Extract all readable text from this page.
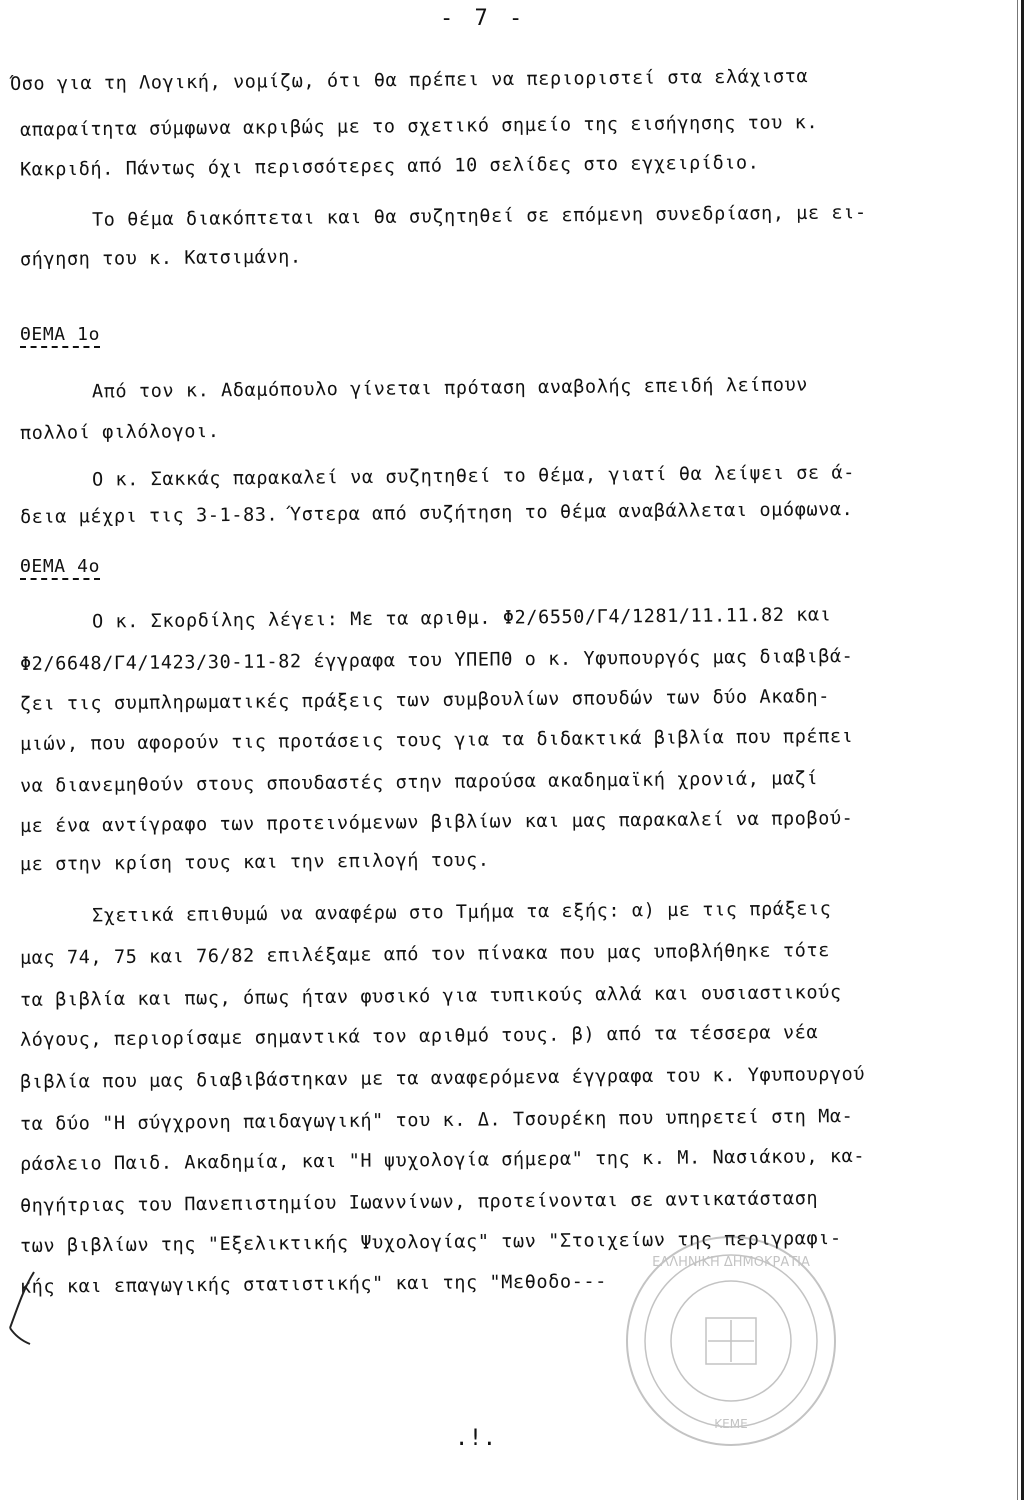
- 7 -
Όσο για τη Λογική, νομίζω, ότι θα πρέπει να περιοριστεί στα ελάχιστα
απαραίτητα σύμφωνα ακριβώς με το σχετικό σημείο της εισήγησης του κ.
Κακριδή. Πάντως όχι περισσότερες από 10 σελίδες στο εγχειρίδιο.
Το θέμα διακόπτεται και θα συζητηθεί σε επόμενη συνεδρίαση, με ει-
σήγηση του κ. Κατσιμάνη.
ΘΕΜΑ 1ο
Από τον κ. Αδαμόπουλο γίνεται πρόταση αναβολής επειδή λείπουν
πολλοί φιλόλογοι.
Ο κ. Σακκάς παρακαλεί να συζητηθεί το θέμα, γιατί θα λείψει σε ά-
δεια μέχρι τις 3-1-83. Ύστερα από συζήτηση το θέμα αναβάλλεται ομόφωνα.
ΘΕΜΑ 4ο
Ο κ. Σκορδίλης λέγει: Με τα αριθμ. Φ2/6550/Γ4/1281/11.11.82 και
Φ2/6648/Γ4/1423/30-11-82 έγγραφα του ΥΠΕΠΘ ο κ. Υφυπουργός μας διαβιβά-
ζει τις συμπληρωματικές πράξεις των συμβουλίων σπουδών των δύο Ακαδη-
μιών, που αφορούν τις προτάσεις τους για τα διδακτικά βιβλία που πρέπει
να διανεμηθούν στους σπουδαστές στην παρούσα ακαδημαϊκή χρονιά, μαζί
με ένα αντίγραφο των προτεινόμενων βιβλίων και μας παρακαλεί να προβού-
με στην κρίση τους και την επιλογή τους.
Σχετικά επιθυμώ να αναφέρω στο Τμήμα τα εξής: α) με τις πράξεις
μας 74, 75 και 76/82 επιλέξαμε από τον πίνακα που μας υποβλήθηκε τότε
τα βιβλία και πως, όπως ήταν φυσικό για τυπικούς αλλά και ουσιαστικούς
λόγους, περιορίσαμε σημαντικά τον αριθμό τους. β) από τα τέσσερα νέα
βιβλία που μας διαβιβάστηκαν με τα αναφερόμενα έγγραφα του κ. Υφυπουργού
τα δύο "Η σύγχρονη παιδαγωγική" του κ. Δ. Τσουρέκη που υπηρετεί στη Μα-
ράσλειο Παιδ. Ακαδημία, και "Η ψυχολογία σήμερα" της κ. Μ. Νασιάκου, κα-
θηγήτριας του Πανεπιστημίου Ιωαννίνων, προτείνονται σε αντικατάσταση
των βιβλίων της "Εξελικτικής Ψυχολογίας" των "Στοιχείων της περιγραφι-
κής και επαγωγικής στατιστικής" και της "Μεθοδο---
ΕΛΛΗΝΙΚΗ ΔΗΜΟΚΡΑΤΙΑ
ΚΕΜΕ
.!.
